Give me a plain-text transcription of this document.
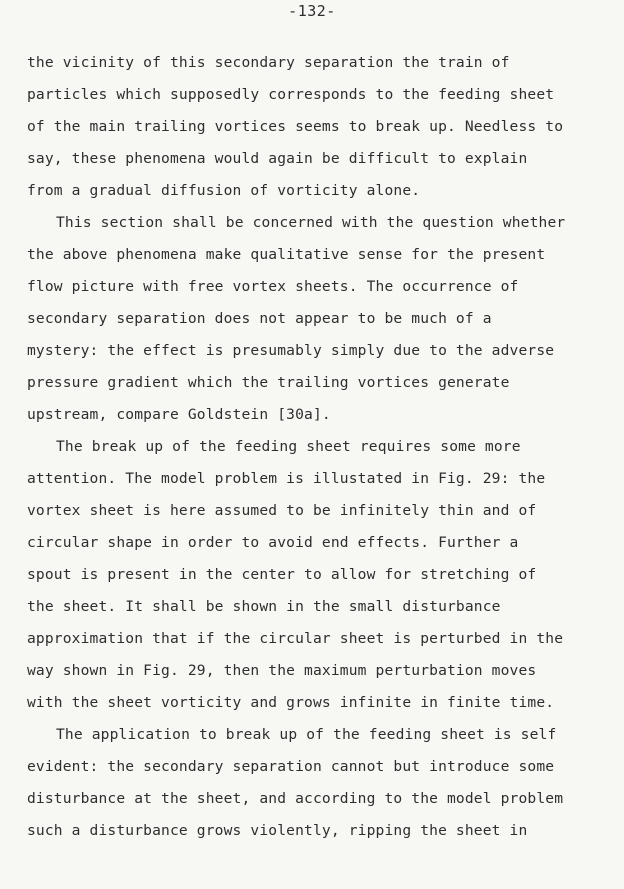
-132-
the vicinity of this secondary separation the train of
particles which supposedly corresponds to the feeding sheet
of the main trailing vortices seems to break up. Needless to
say, these phenomena would again be difficult to explain
from a gradual diffusion of vorticity alone.
This section shall be concerned with the question whether
the above phenomena make qualitative sense for the present
flow picture with free vortex sheets. The occurrence of
secondary separation does not appear to be much of a
mystery: the effect is presumably simply due to the adverse
pressure gradient which the trailing vortices generate
upstream, compare Goldstein [30a].
The break up of the feeding sheet requires some more
attention. The model problem is illustated in Fig. 29: the
vortex sheet is here assumed to be infinitely thin and of
circular shape in order to avoid end effects. Further a
spout is present in the center to allow for stretching of
the sheet. It shall be shown in the small disturbance
approximation that if the circular sheet is perturbed in the
way shown in Fig. 29, then the maximum perturbation moves
with the sheet vorticity and grows infinite in finite time.
The application to break up of the feeding sheet is self
evident: the secondary separation cannot but introduce some
disturbance at the sheet, and according to the model problem
such a disturbance grows violently, ripping the sheet in
